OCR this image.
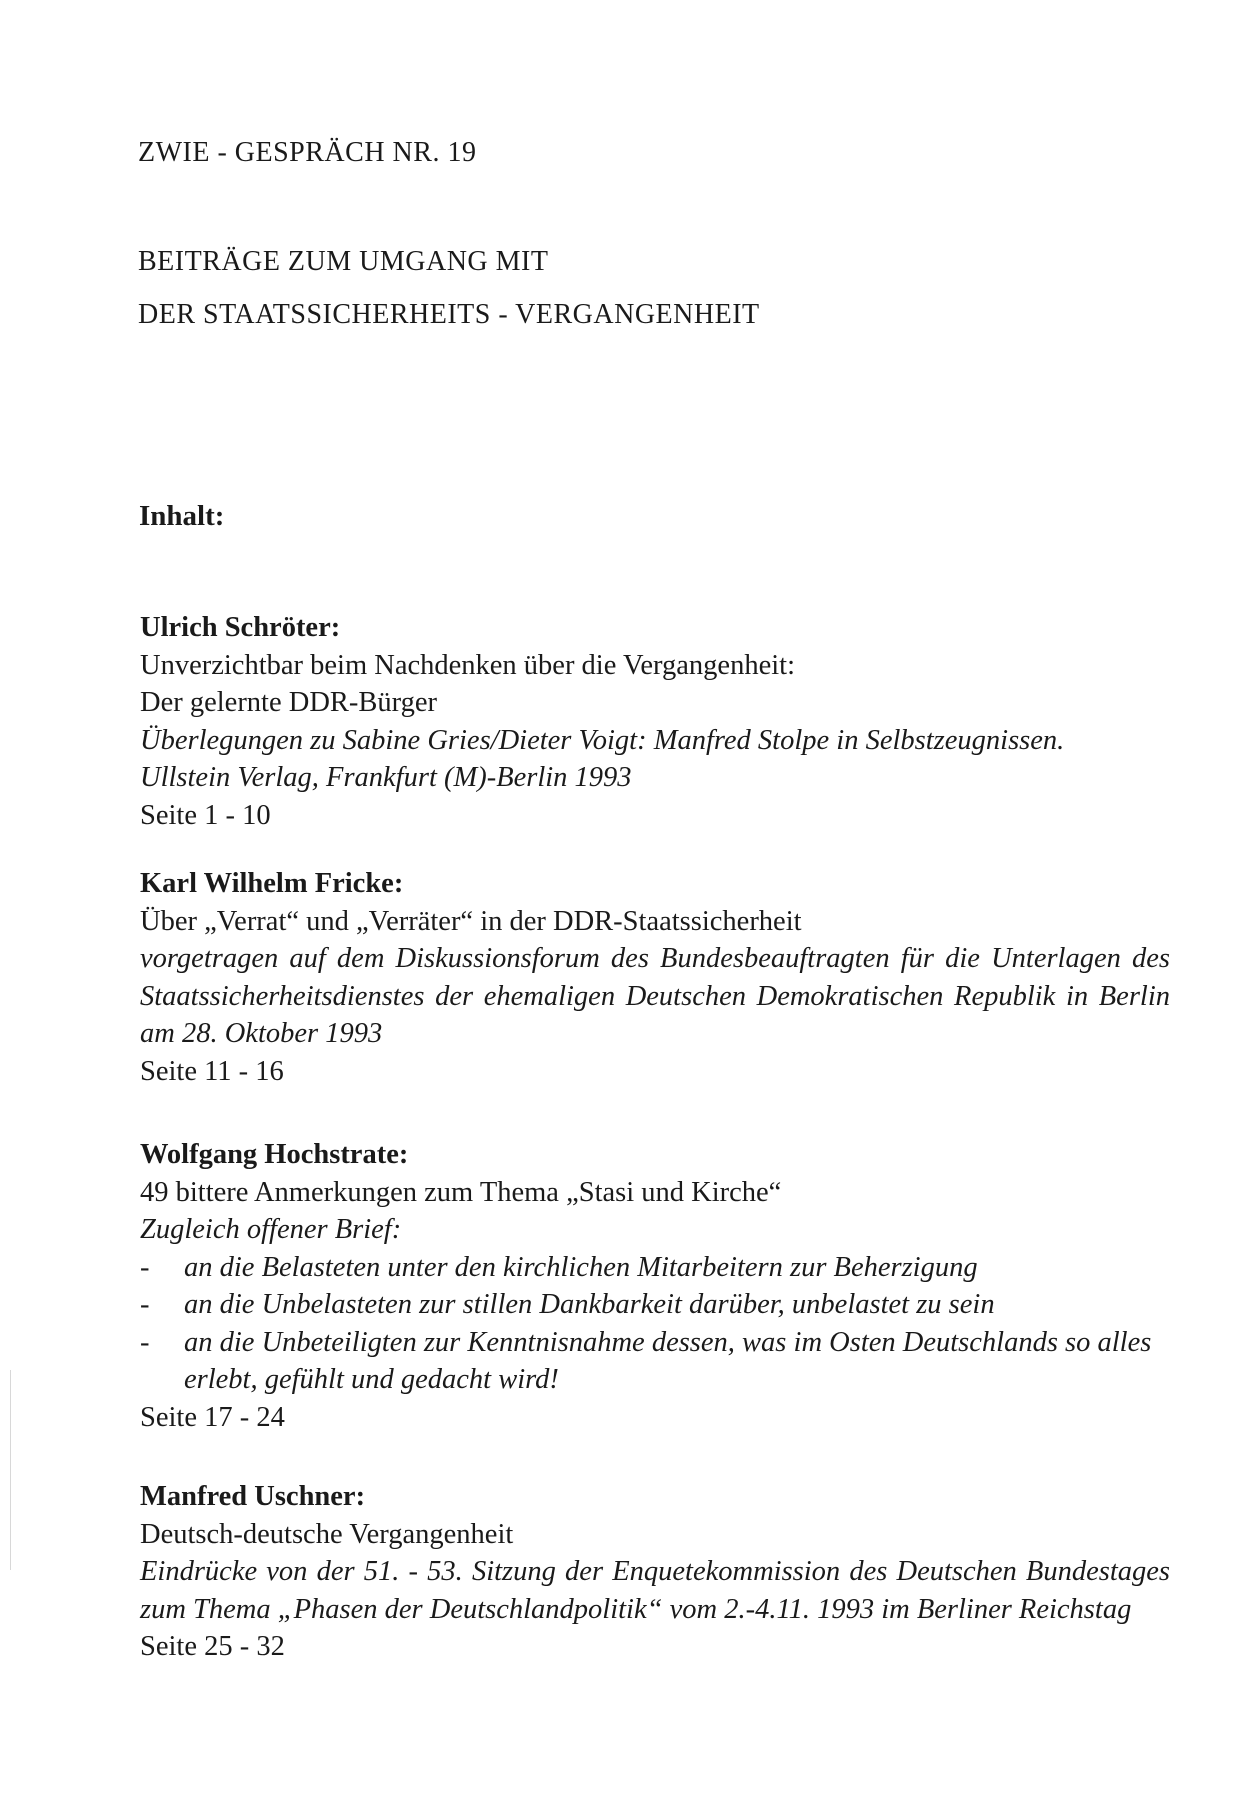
ZWIE - GESPRÄCH NR. 19
BEITRÄGE ZUM UMGANG MIT
DER STAATSSICHERHEITS - VERGANGENHEIT
Inhalt:
Ulrich Schröter:
Unverzichtbar beim Nachdenken über die Vergangenheit:
Der gelernte DDR-Bürger
Überlegungen zu Sabine Gries/Dieter Voigt: Manfred Stolpe in Selbstzeugnissen.
Ullstein Verlag, Frankfurt (M)-Berlin 1993
Seite 1 - 10
Karl Wilhelm Fricke:
Über „Verrat“ und „Verräter“ in der DDR-Staatssicherheit
vorgetragen auf dem Diskussionsforum des Bundesbeauftragten für die Unterlagen des Staatssicherheitsdienstes der ehemaligen Deutschen Demokratischen Republik in Berlin am 28. Oktober 1993
Seite 11 - 16
Wolfgang Hochstrate:
49 bittere Anmerkungen zum Thema „Stasi und Kirche“
Zugleich offener Brief:
- an die Belasteten unter den kirchlichen Mitarbeitern zur Beherzigung
- an die Unbelasteten zur stillen Dankbarkeit darüber, unbelastet zu sein
- an die Unbeteiligten zur Kenntnisnahme dessen, was im Osten Deutschlands so alles erlebt, gefühlt und gedacht wird!
Seite 17 - 24
Manfred Uschner:
Deutsch-deutsche Vergangenheit
Eindrücke von der 51. - 53. Sitzung der Enquetekommission des Deutschen Bundestages zum Thema „Phasen der Deutschlandpolitik“ vom 2.-4.11. 1993 im Berliner Reichstag
Seite 25 - 32
